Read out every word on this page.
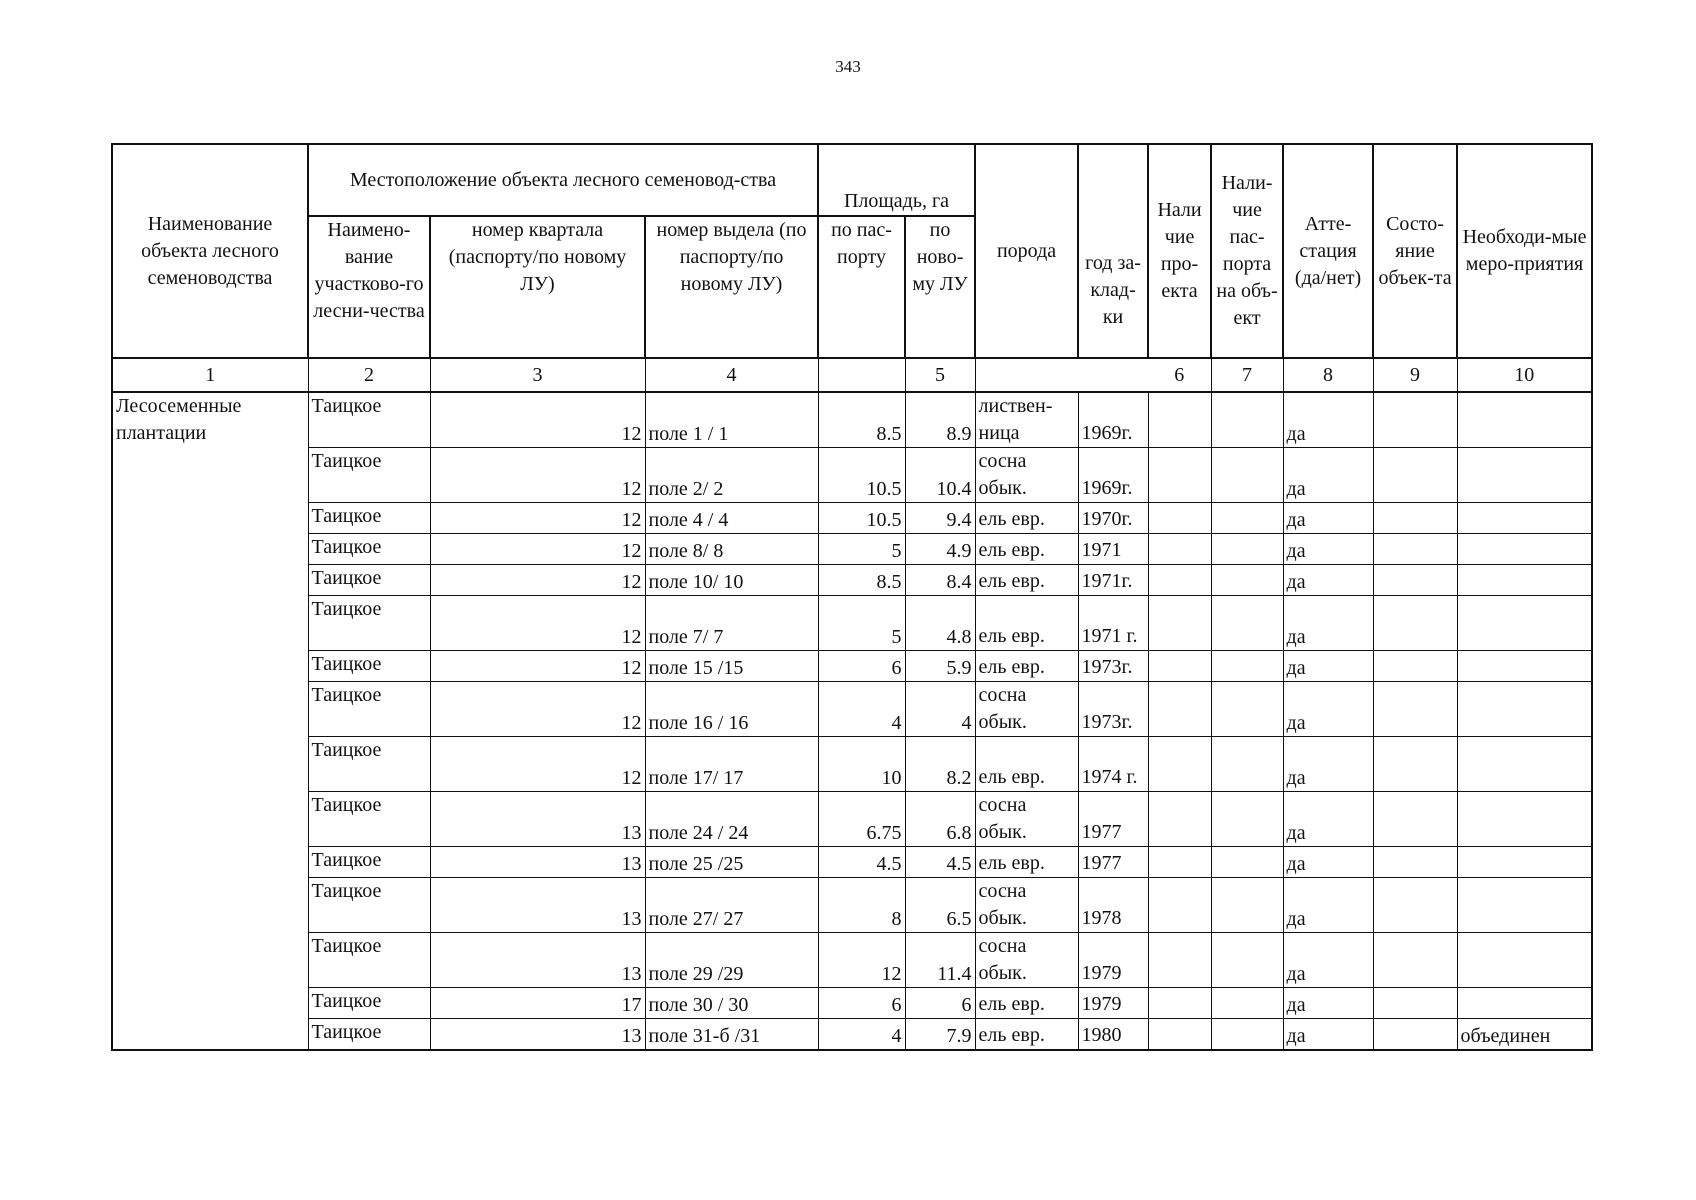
343
Наименование объекта лесного семеноводства	Местоположение объекта лесного семеновод-ства			Площадь, га		порода	год за-клад-ки	Нали чие про-екта	Нали-чие пас-порта на объ-ект	Атте-стация (да/нет)	Состо-яние объек-та	Необходи-мые меро-приятия
	Наимено-вание участково-го лесни-чества	номер квартала (паспорту/по новому ЛУ)	номер выдела (по паспорту/по новому ЛУ)	по пас-порту	по ново-му ЛУ							
1	2	3	4		5			6	7	8	9	10
Лесосеменные плантации	Таицкое	12	поле 1 / 1	8.5	8.9	листвен-ница	1969г.			да		
	Таицкое	12	поле 2/ 2	10.5	10.4	сосна обык.	1969г.			да		
	Таицкое	12	поле 4 / 4	10.5	9.4	ель евр.	1970г.			да		
	Таицкое	12	поле 8/ 8	5	4.9	ель евр.	1971			да		
	Таицкое	12	поле 10/ 10	8.5	8.4	ель евр.	1971г.			да		
	Таицкое	12	поле 7/ 7	5	4.8	ель евр.	1971 г.			да		
	Таицкое	12	поле 15 /15	6	5.9	ель евр.	1973г.			да		
	Таицкое	12	поле 16 / 16	4	4	сосна обык.	1973г.			да		
	Таицкое	12	поле 17/ 17	10	8.2	ель евр.	1974 г.			да		
	Таицкое	13	поле 24 / 24	6.75	6.8	сосна обык.	1977			да		
	Таицкое	13	поле 25 /25	4.5	4.5	ель евр.	1977			да		
	Таицкое	13	поле 27/ 27	8	6.5	сосна обык.	1978			да		
	Таицкое	13	поле 29 /29	12	11.4	сосна обык.	1979			да		
	Таицкое	17	поле 30 / 30	6	6	ель евр.	1979			да		
	Таицкое	13	поле 31-б /31	4	7.9	ель евр.	1980			да		объединен
